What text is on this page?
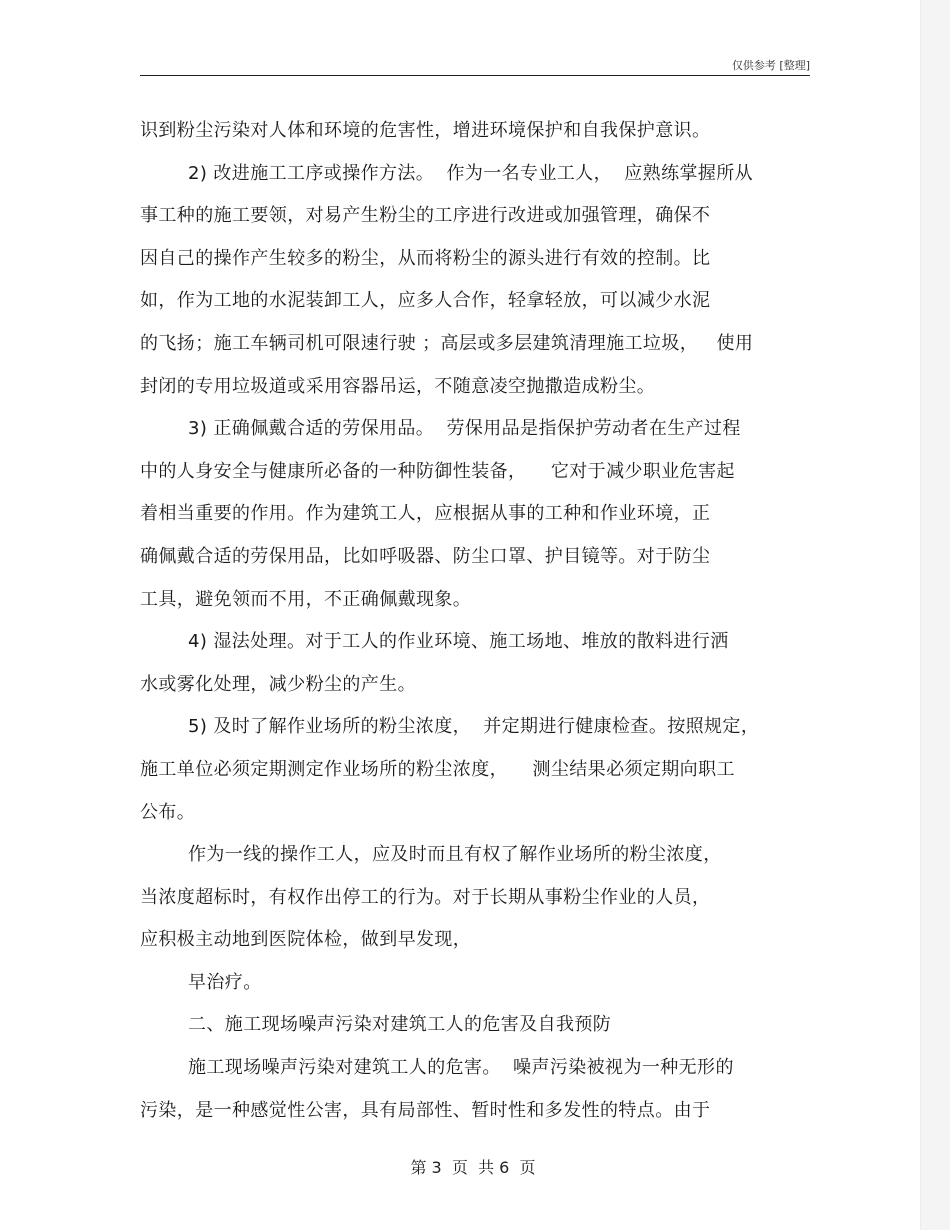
仅供参考 [整理]
识到粉尘污染对人体和环境的危害性，增进环境保护和自我保护意识。
2) 改进施工工序或操作方法。  作为一名专业工人，  应熟练掌握所从
事工种的施工要领，对易产生粉尘的工序进行改进或加强管理，确保不
因自己的操作产生较多的粉尘，从而将粉尘的源头进行有效的控制。比
如，作为工地的水泥装卸工人，应多人合作，轻拿轻放，可以减少水泥
的飞扬；施工车辆司机可限速行驶 ；高层或多层建筑清理施工垃圾，   使用
封闭的专用垃圾道或采用容器吊运，不随意凌空抛撒造成粉尘。
3) 正确佩戴合适的劳保用品。  劳保用品是指保护劳动者在生产过程
中的人身安全与健康所必备的一种防御性装备，    它对于减少职业危害起
着相当重要的作用。作为建筑工人，应根据从事的工种和作业环境，正
确佩戴合适的劳保用品，比如呼吸器、防尘口罩、护目镜等。对于防尘
工具，避免领而不用，不正确佩戴现象。
4) 湿法处理。对于工人的作业环境、施工场地、堆放的散料进行洒
水或雾化处理，减少粉尘的产生。
5) 及时了解作业场所的粉尘浓度，  并定期进行健康检查。按照规定，
施工单位必须定期测定作业场所的粉尘浓度，    测尘结果必须定期向职工
公布。
作为一线的操作工人，应及时而且有权了解作业场所的粉尘浓度，
当浓度超标时，有权作出停工的行为。对于长期从事粉尘作业的人员，
应积极主动地到医院体检，做到早发现，
早治疗。
二、施工现场噪声污染对建筑工人的危害及自我预防
施工现场噪声污染对建筑工人的危害。  噪声污染被视为一种无形的
污染，是一种感觉性公害，具有局部性、暂时性和多发性的特点。由于
第 3  页  共 6  页
